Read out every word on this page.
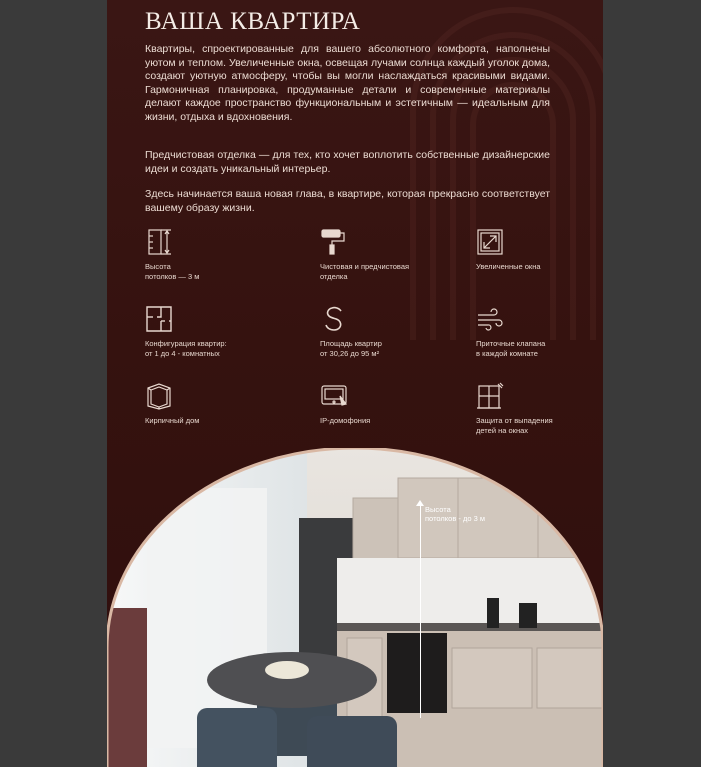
ВАША КВАРТИРА

Квартиры, спроектированные для вашего абсолютного комфорта, наполнены уютом и теплом. Увеличенные окна, освещая лучами солнца каждый уголок дома, создают уютную атмосферу, чтобы вы могли наслаждаться красивыми видами. Гармоничная планировка, продуманные детали и современные материалы делают каждое пространство функциональным и эстетичным — идеальным для жизни, отдыха и вдохновения.

Предчистовая отделка — для тех, кто хочет воплотить собственные дизайнерские идеи и создать уникальный интерьер.

Здесь начинается ваша новая глава, в квартире, которая прекрасно соответствует вашему образу жизни.

Высота
потолков — 3 м
Чистовая и предчистовая
отделка
Увеличенные окна
Конфигурация квартир:
от 1 до 4 - комнатных
Площадь квартир
от 30,26 до 95 м²
Приточные клапана
в каждой комнате
Кирпичный дом	IP-домофония	Защита от выпадения
детей на окнах
Высота
потолков - до 3 м
